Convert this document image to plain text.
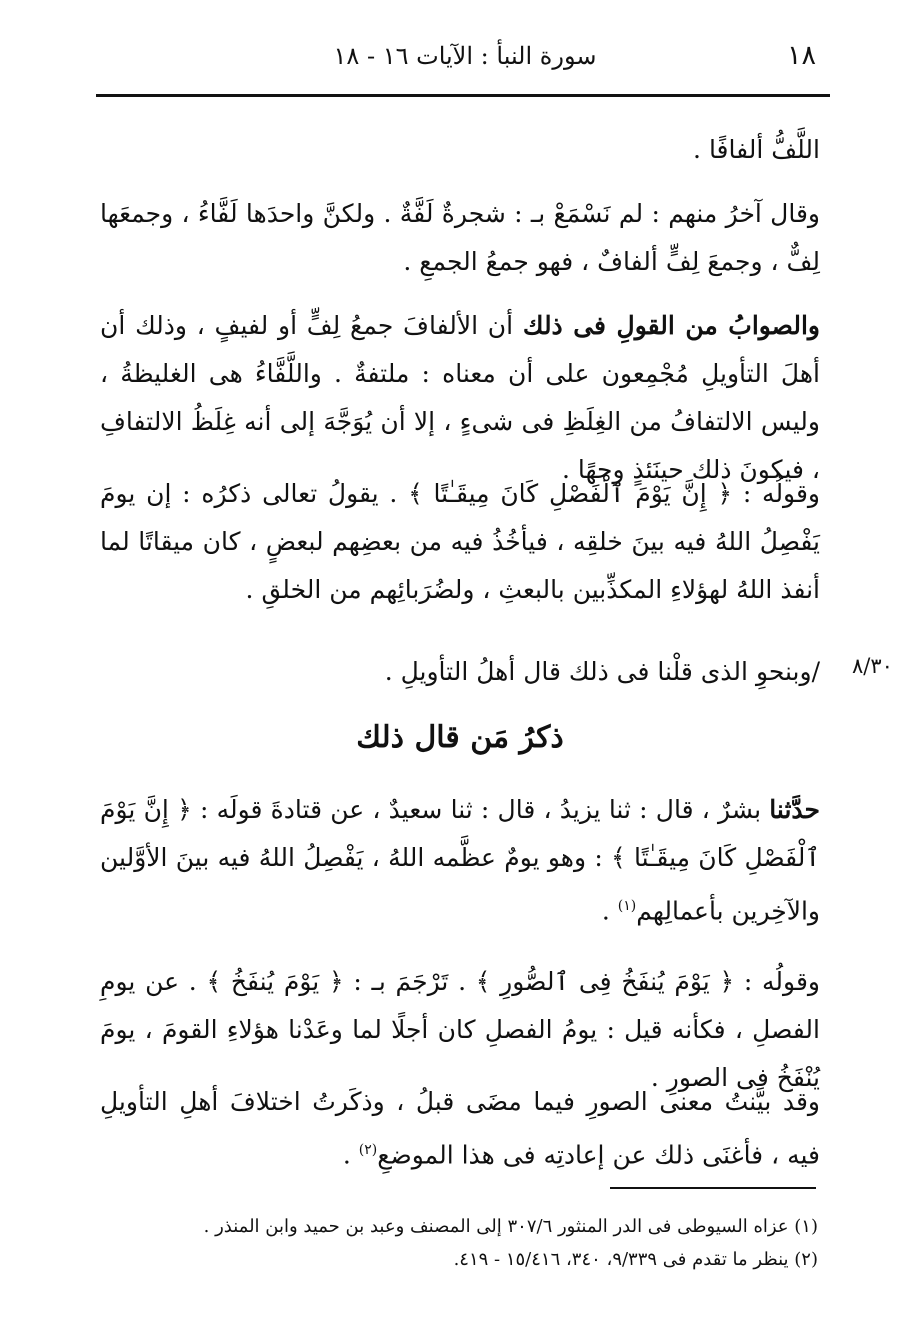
١٨
سورة النبأ : الآيات ١٦ - ١٨
اللَّفُّ ألفافًا .
وقال آخرُ منهم : لم نَسْمَعْ بـ : شجرةٌ لَفَّةٌ . ولكنَّ واحدَها لَفَّاءُ ، وجمعَها لِفٌّ ، وجمعَ لِفٍّ ألفافٌ ، فهو جمعُ الجمعِ .
والصوابُ من القولِ فى ذلك أن الألفافَ جمعُ لِفٍّ أو لفيفٍ ، وذلك أن أهلَ التأويلِ مُجْمِعون على أن معناه : ملتفةٌ . واللَّفَّاءُ هى الغليظةُ ، وليس الالتفافُ من الغِلَظِ فى شىءٍ ، إلا أن يُوَجَّهَ إلى أنه غِلَظُ الالتفافِ ، فيكونَ ذلك حينَئذٍ وجهًا .
وقولُه : ﴿ إِنَّ يَوْمَ ٱلْفَصْلِ كَانَ مِيقَـٰتًا ﴾ . يقولُ تعالى ذكرُه : إن يومَ يَفْصِلُ اللهُ فيه بينَ خلقِه ، فيأخُذُ فيه من بعضِهم لبعضٍ ، كان ميقاتًا لما أنفذ اللهُ لهؤلاءِ المكذِّبين بالبعثِ ، ولضُرَبائِهم من الخلقِ .
/وبنحوِ الذى قلْنا فى ذلك قال أهلُ التأويلِ . ٨/٣٠
ذكرُ مَن قال ذلك
حدَّثنا بشرٌ ، قال : ثنا يزيدُ ، قال : ثنا سعيدٌ ، عن قتادةَ قولَه : ﴿ إِنَّ يَوْمَ ٱلْفَصْلِ كَانَ مِيقَـٰتًا ﴾ : وهو يومٌ عظَّمه اللهُ ، يَفْصِلُ اللهُ فيه بينَ الأوَّلين والآخِرين بأعمالِهم$^{(١)}$ .
وقولُه : ﴿ يَوْمَ يُنفَخُ فِى ٱلصُّورِ ﴾ . تَرْجَمَ بـ : ﴿ يَوْمَ يُنفَخُ ﴾ . عن يومِ الفصلِ ، فكأنه قيل : يومُ الفصلِ كان أجلًا لما وعَدْنا هؤلاءِ القومَ ، يومَ يُنْفَخُ فى الصورِ .
وقد بيَّنتُ معنى الصورِ فيما مضَى قبلُ ، وذكَرتُ اختلافَ أهلِ التأويلِ فيه ، فأغنَى ذلك عن إعادتِه فى هذا الموضعِ$^{(٢)}$ .
(١) عزاه السيوطى فى الدر المنثور ٣٠٧/٦ إلى المصنف وعبد بن حميد وابن المنذر .
(٢) ينظر ما تقدم فى ٩/٣٣٩، ٣٤٠، ١٥/٤١٦ - ٤١٩.
